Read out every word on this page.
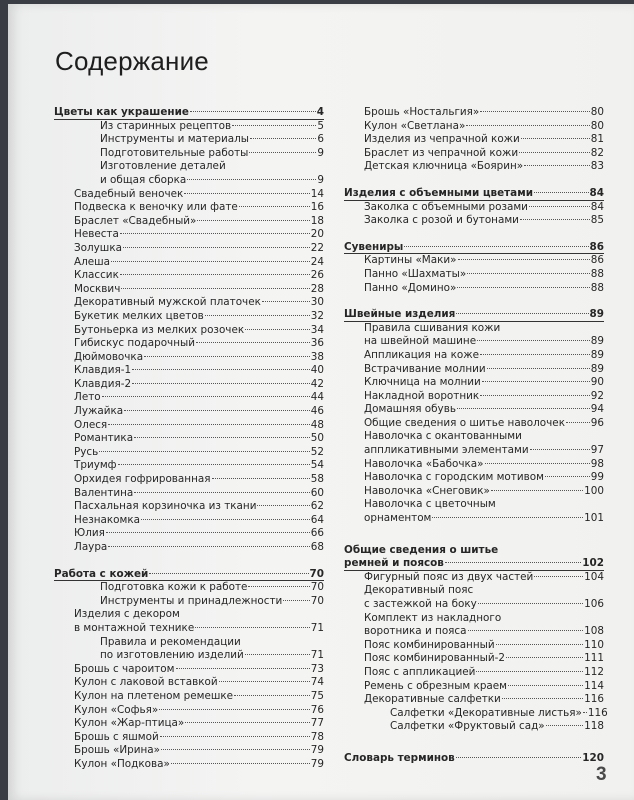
Содержание
Цветы как украшение	4
Из старинных рецептов	5
Инструменты и материалы	6
Подготовительные работы	9
Изготовление деталей
и общая сборка	9
Свадебный веночек	14
Подвеска к веночку или фате	16
Браслет «Свадебный»	18
Невеста	20
Золушка	22
Алеша	24
Классик	26
Москвич	28
Декоративный мужской платочек	30
Букетик мелких цветов	32
Бутоньерка из мелких розочек	34
Гибискус подарочный	36
Дюймовочка	38
Клавдия-1	40
Клавдия-2	42
Лето	44
Лужайка	46
Олеся	48
Романтика	50
Русь	52
Триумф	54
Орхидея гофрированная	58
Валентина	60
Пасхальная корзиночка из ткани	62
Незнакомка	64
Юлия	66
Лаура	68
Работа с кожей	70
Подготовка кожи к работе	70
Инструменты и принадлежности	70
Изделия с декором
в монтажной технике	71
Правила и рекомендации
по изготовлению изделий	71
Брошь с чароитом	73
Кулон с лаковой вставкой	74
Кулон на плетеном ремешке	75
Кулон «Софья»	76
Кулон «Жар-птица»	77
Брошь с яшмой	78
Брошь «Ирина»	79
Кулон «Подкова»	79
Брошь «Ностальгия»	80
Кулон «Светлана»	80
Изделия из чепрачной кожи	81
Браслет из чепрачной кожи	82
Детская ключница «Боярин»	83
Изделия с объемными цветами	84
Заколка с объемными розами	84
Заколка с розой и бутонами	85
Сувениры	86
Картины «Маки»	86
Панно «Шахматы»	88
Панно «Домино»	88
Швейные изделия	89
Правила сшивания кожи
на швейной машине	89
Аппликация на коже	89
Встрачивание молнии	89
Ключница на молнии	90
Накладной воротник	92
Домашняя обувь	94
Общие сведения о шитье наволочек 96
Наволочка с окантованными
аппликативными элементами	97
Наволочка «Бабочка»	98
Наволочка с городским мотивом	99
Наволочка «Снеговик»	100
Наволочка с цветочным
орнаментом	101
Общие сведения о шитье
ремней и поясов	102
Фигурный пояс из двух частей	104
Декоративный пояс
с застежкой на боку	106
Комплект из накладного
воротника и пояса	108
Пояс комбинированный	110
Пояс комбинированный-2	111
Пояс с аппликацией	112
Ремень с обрезным краем	114
Декоративные салфетки	116
Салфетки «Декоративные листья» 116
Салфетки «Фруктовый сад»	118
Словарь терминов	120
3
